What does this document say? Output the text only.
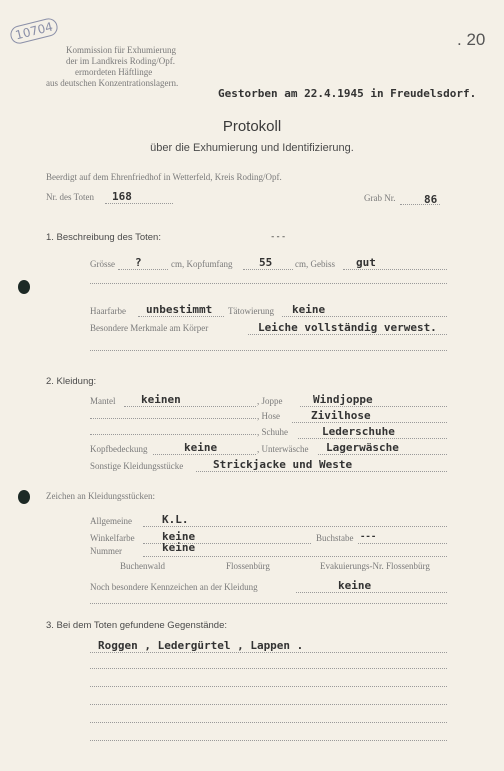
10704	. 20
Kommission für Exhumierung
der im Landkreis Roding/Opf.
ermordeten Häftlinge
aus deutschen Konzentrationslagern.
Gestorben am 22.4.1945 in Freudelsdorf.
Protokoll
über die Exhumierung und Identifizierung.
Beerdigt auf dem Ehrenfriedhof in Wetterfeld, Kreis Roding/Opf.
Nr. des Toten 168	Grab Nr.	86
1. Beschreibung des Toten:	---
Grösse ?	cm, Kopfumfang 55	cm, Gebiss gut
Haarfarbe unbestimmt Tätowierung keine
Besondere Merkmale am Körper	Leiche vollständig verwest.
2. Kleidung:
Mantel keinen	, Joppe	Windjoppe
, Hose	Zivilhose
, Schuhe	Lederschuhe
Kopfbedeckung	keine	, Unterwäsche Lagerwäsche
Sonstige Kleidungsstücke	Strickjacke und Weste
Zeichen an Kleidungsstücken:
Allgemeine	K.L.
Winkelfarbe keine	Buchstabe ---
Nummer	keine
Buchenwald	Flossenbürg	Evakuierungs-Nr. Flossenbürg
Noch besondere Kennzeichen an der Kleidung	keine
3. Bei dem Toten gefundene Gegenstände:
Roggen , Ledergürtel , Lappen .
